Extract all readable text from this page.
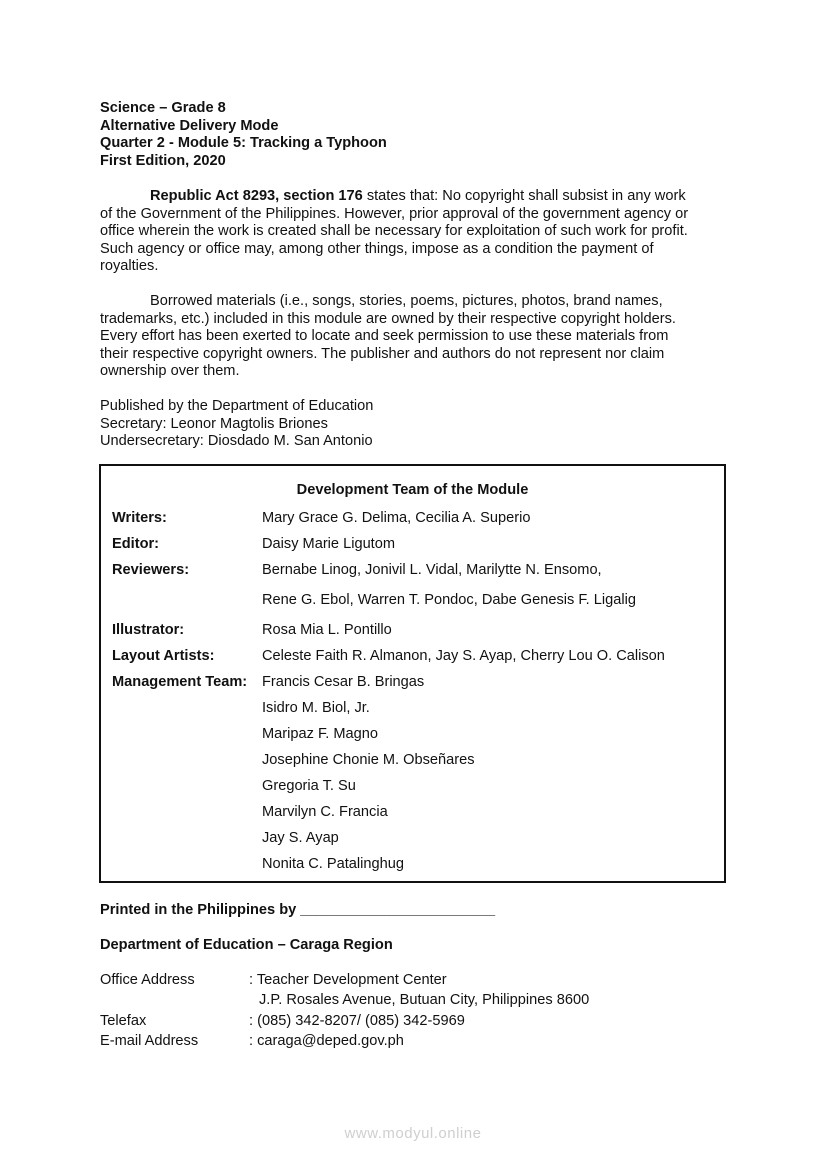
Science – Grade 8
Alternative Delivery Mode
Quarter 2 - Module 5: Tracking a Typhoon
First Edition, 2020
Republic Act 8293, section 176 states that: No copyright shall subsist in any work
of the Government of the Philippines. However, prior approval of the government agency or
office wherein the work is created shall be necessary for exploitation of such work for profit.
Such agency or office may, among other things, impose as a condition the payment of
royalties.
Borrowed materials (i.e., songs, stories, poems, pictures, photos, brand names,
trademarks, etc.) included in this module are owned by their respective copyright holders.
Every effort has been exerted to locate and seek permission to use these materials from
their respective copyright owners. The publisher and authors do not represent nor claim
ownership over them.
Published by the Department of Education
Secretary: Leonor Magtolis Briones
Undersecretary: Diosdado M. San Antonio
Development Team of the Module
Writers:	Mary Grace G. Delima, Cecilia A. Superio
Editor:	Daisy Marie Ligutom
Reviewers:	Bernabe Linog, Jonivil L. Vidal, Marilytte N. Ensomo,
Rene G. Ebol, Warren T. Pondoc, Dabe Genesis F. Ligalig
Illustrator:	Rosa Mia L. Pontillo
Layout Artists:	Celeste Faith R. Almanon, Jay S. Ayap, Cherry Lou O. Calison
Management Team:	Francis Cesar B. Bringas
Isidro M. Biol, Jr.
Maripaz F. Magno
Josephine Chonie M. Obseñares
Gregoria T. Su
Marvilyn C. Francia
Jay S. Ayap
Nonita C. Patalinghug
Printed in the Philippines by ________________________
Department of Education – Caraga Region
Office Address	: Teacher Development Center
J.P. Rosales Avenue, Butuan City, Philippines 8600
Telefax	: (085) 342-8207/ (085) 342-5969
E-mail Address	: caraga@deped.gov.ph
www.modyul.online
